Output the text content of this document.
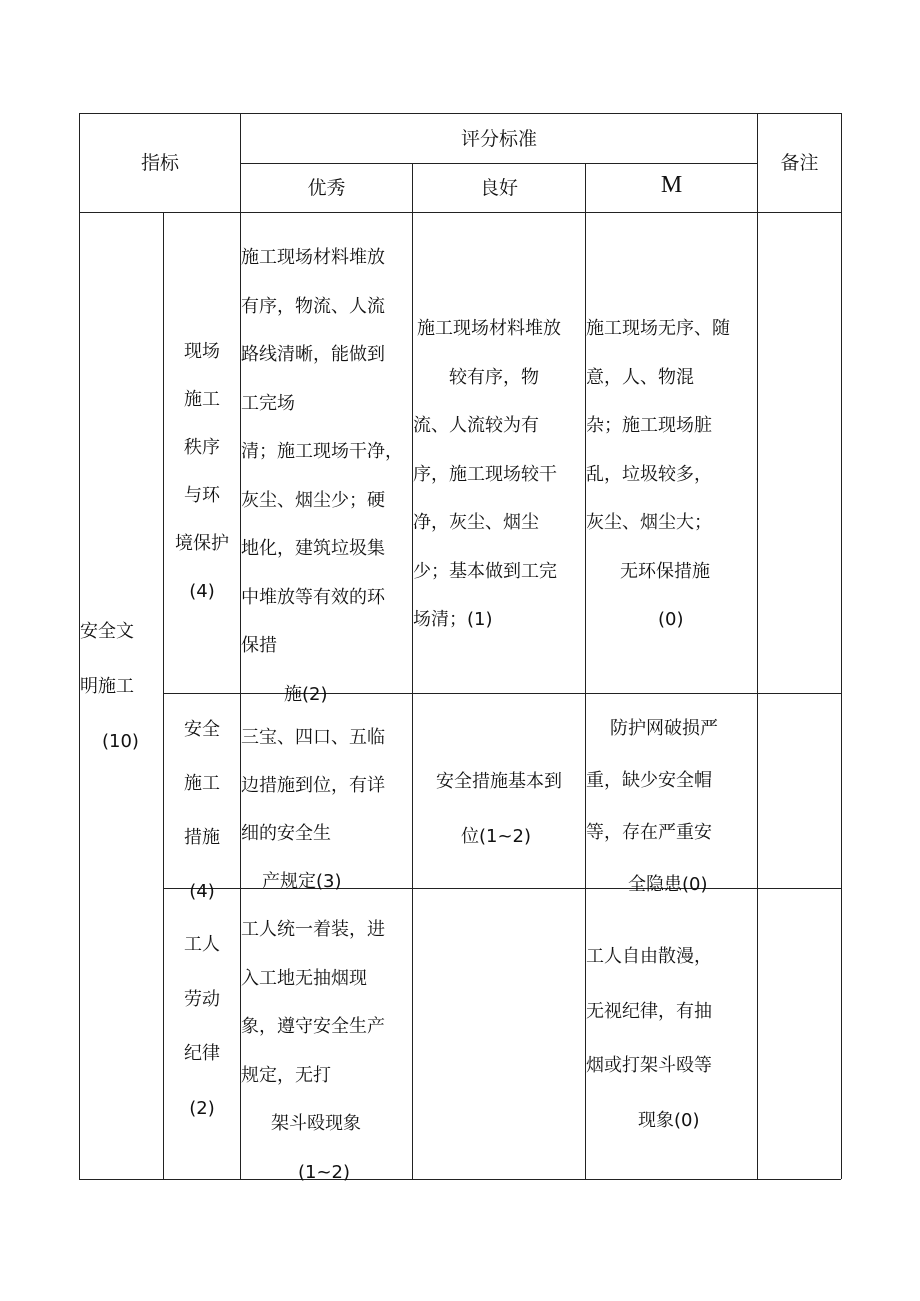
指标
评分标准
备注
优秀	良好	M
安全文
明施工
(10)
现场
施工
秩序
与环
境保护
(4)
施工现场材料堆放
有序，物流、人流
路线清晰，能做到
工完场
清；施工现场干净，
灰尘、烟尘少；硬
地化，建筑垃圾集
中堆放等有效的环
保措
施(2)
施工现场材料堆放
较有序，物
流、人流较为有
序，施工现场较干
净，灰尘、烟尘
少；基本做到工完
场清；(1)
施工现场无序、随
意，人、物混
杂；施工现场脏
乱，垃圾较多，
灰尘、烟尘大；
无环保措施
(0)
安全
施工
措施
(4)
三宝、四口、五临
边措施到位，有详
细的安全生
产规定(3)
安全措施基本到
位(1~2)
防护网破损严
重，缺少安全帽
等，存在严重安
全隐患(0)
工人
劳动
纪律
(2)
工人统一着装，进
入工地无抽烟现
象，遵守安全生产
规定，无打
架斗殴现象
(1~2)
工人自由散漫，
无视纪律，有抽
烟或打架斗殴等
现象(0)
